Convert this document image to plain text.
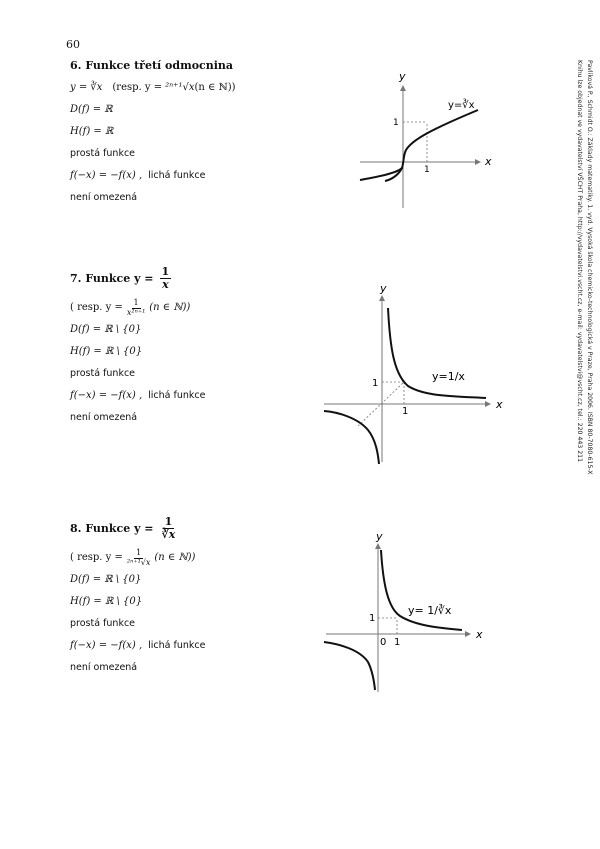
60
6. Funkce třetí odmocnina
y = ∛x (resp. y = ²ⁿ⁺¹√x (n ∈ ℕ))
D(f) = ℝ
H(f) = ℝ
prostá funkce
f(−x) = −f(x) , lichá funkce
není omezená
x
y
1
1
y=∛x
7. Funkce $y = \frac{1}{x}$
( resp. $y = \frac{1}{\text{x²ⁿ⁺¹}} (n$ ∈ ℕ))
D(f) = ℝ \ {0}
H(f) = ℝ \ {0}
prostá funkce
f(−x) = −f(x) , lichá funkce
není omezená
x
y
1
1
y=1/x
8. Funkce $y = \frac{1}{∛x}$
( resp. $y = \frac{1}{\text{²ⁿ⁺¹√x}} (n$ ∈ ℕ))
D(f) = ℝ \ {0}
H(f) = ℝ \ {0}
prostá funkce
f(−x) = −f(x) , lichá funkce
není omezená
x
y
0 1
1
y= 1/∛x
Pavlíková P., Schmidt O.: Základy matematiky. 1. vyd. Vysoká škola chemicko-technologická v Praze, Praha 2006. ISBN 80-7080-615-X
Knihu lze objednat ve vydavatelství VŠCHT Praha, http://vydavatelstvi.vscht.cz, e-mail: vydavatelstvi@vscht.cz, tel.: 220 443 211
